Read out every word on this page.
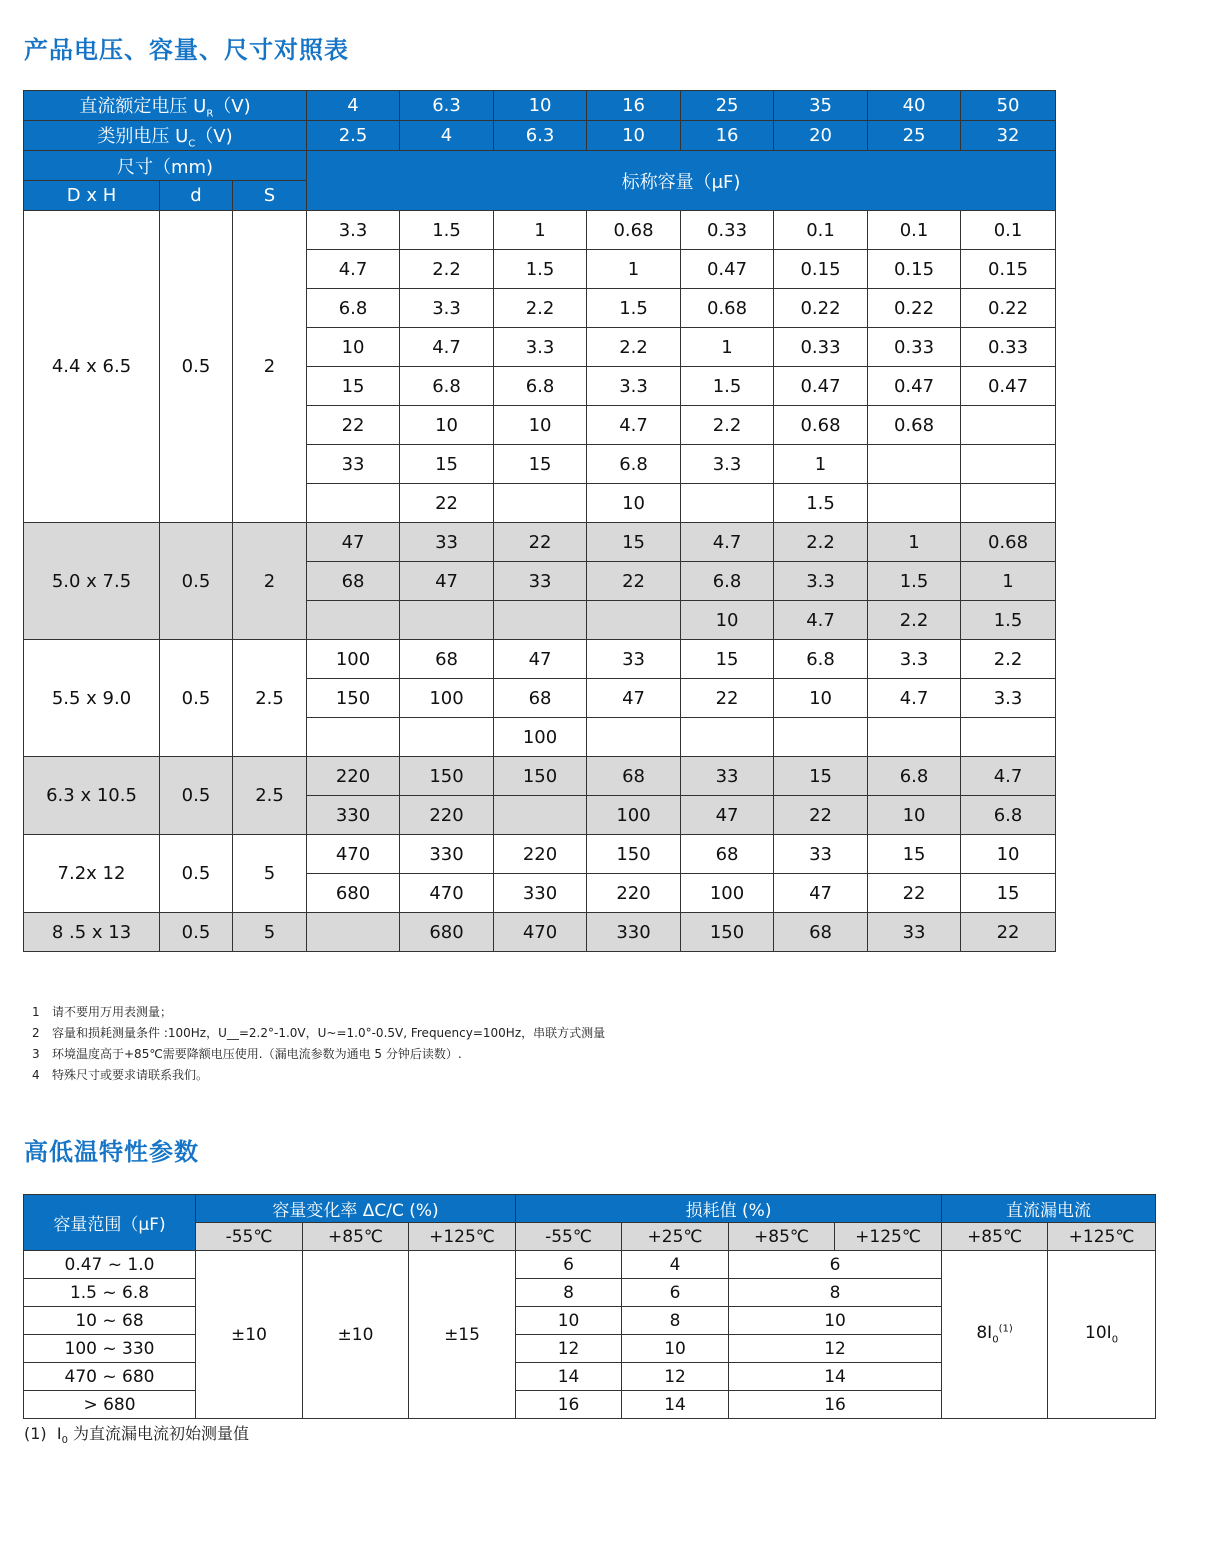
产品电压、容量、尺寸对照表
直流额定电压 $U_R(V)$			4	6.3	10	16	25	35	40	50
类别电压 $U_C(V)$			2.5	4	6.3	10	16	20	25	32
尺寸（mm)			标称容量（μF)							
D x H	d	S								
4.4 x 6.5	0.5	2	3.3	1.5	1	0.68	0.33	0.1	0.1	0.1
			4.7	2.2	1.5	1	0.47	0.15	0.15	0.15
			6.8	3.3	2.2	1.5	0.68	0.22	0.22	0.22
			10	4.7	3.3	2.2	1	0.33	0.33	0.33
			15	6.8	6.8	3.3	1.5	0.47	0.47	0.47
			22	10	10	4.7	2.2	0.68	0.68	
			33	15	15	6.8	3.3	1		
				22		10		1.5		
5.0 x 7.5	0.5	2	47	33	22	15	4.7	2.2	1	0.68
			68	47	33	22	6.8	3.3	1.5	1
							10	4.7	2.2	1.5
5.5 x 9.0	0.5	2.5	100	68	47	33	15	6.8	3.3	2.2
			150	100	68	47	22	10	4.7	3.3
					100					
6.3 x 10.5	0.5	2.5	220	150	150	68	33	15	6.8	4.7
			330	220		100	47	22	10	6.8
7.2x 12	0.5	5	470	330	220	150	68	33	15	10
			680	470	330	220	100	47	22	15
8 .5 x 13	0.5	5		680	470	330	150	68	33	22
1 请不要用万用表测量；
2 容量和损耗测量条件 :100Hz，U__=2.2°-1.0V，U~=1.0°-0.5V, Frequency=100Hz，串联方式测量
3 环境温度高于+85℃需要降额电压使用.（漏电流参数为通电 5 分钟后读数）.
4 特殊尺寸或要求请联系我们。
高低温特性参数
容量范围（μF)	容量变化率 ΔC/C (%)			损耗值 (%)				直流漏电流	
	-55℃	+85℃	+125℃	-55℃	+25℃	+85℃	+125℃	+85℃	+125℃
0.47 ~ 1.0	±10	±10	±15	6	4	6		$8I_0^{(1)}$	$10I_0$
1.5 ~ 6.8				8	6	8			
10 ~ 68				10	8	10			
100 ~ 330				12	10	12			
470 ~ 680				14	12	14			
> 680				16	14	16			
(1) $I_0$ 为直流漏电流初始测量值
